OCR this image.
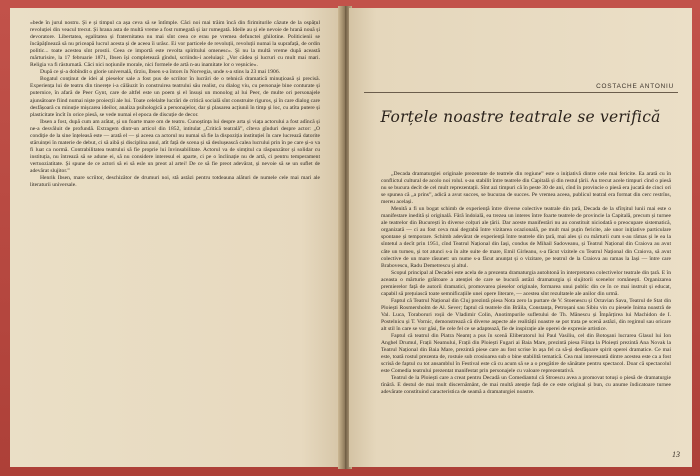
«bede în jurul nostru. Și e și timpul ca așa ceva să se întîmple. Căci noi mai trăim încă din firimiturile căzute de la ospățul revoluției din veacul trecut. Și hrana asta de multă vreme a fost rumegată și iar rumegată. Ideile au și ele nevoie de hrană nouă și devoratore. Libertatea, egalitatea și fraternitatea nu mai sînt ceea ce erau pe vremea defunctei ghilotine. Politicienii se încăpățînează să nu priceapă lucrul acesta și de aceea îi urăsc. Ei vor particele de revoluții, revoluții numai la suprafață, de ordin politic... toate acestea sînt prostii. Ceea ce importă este revolta spiritului omenesc». Și nu la multă vreme după această mărturisire, la 17 februarie 1871, Ibsen își completează gîndul, scriindu-i aceluiași: „Vor cădea și lucruri cu mult mai mari. Religia va fi răsturnată. Căci nici noțiunile morale, nici formele de artă n-au inamitate lor o veșnicie».

După ce și-a dobîndit o glorie universală, tîrziu, Ibsen s-a întors în Norvegia, unde s-a stins la 23 mai 1906.

Bogatul conținut de idei al pieselor sale a fost pus de scriitor în lucrări de o tehnică dramatică minuțioasă și precisă. Experiența lui de teatru din tinerețe i-a călăuzit în construirea teatrului său realist, cu dialog viu, cu personaje bine conturate și puternice, în afară de Peer Gynt, care de altfel este un poem și el însuși un monolog al lui Peer, de multe ori personajele ajunsătoare fiind numai niște proiecții ale lui. Toate celelalte lucrări de critică socială sînt construite riguros, și în care dialog care desfășoară cu minuție mișcarea ideilor, analiza psihologică a personajelor, dar și plasarea acțiunii în timp și loc, cu atîta putere și plasticitate încît în orice piesă, se vede numai el epoca de discuție de decor.

Ibsen a fost, după cum am arătat, și un foarte mare om de teatru. Cunoștința lui despre arta și viața actorului a fost adîncă și ne-a desvăluit de profundă. Extragem dintr-un articol din 1852, intitulat „Critică teatrală”, cîteva gînduri despre actor: „O condiție de la sine înțeleasă este — arată el — și aceea ca actorul nu numai să fie la dispoziția instituției în care lucrează datorite stăruinței în materie de debut, ci să aibă și disciplina anul, atît față de scena și să deslușească calea lucrului prin în pe care și-o va fi luat ca normă. Contrabilitatea teatrului să fie proprie lui învinsabilitate. Actorul va de simțitul ca răspunzător și solidar cu instituția, nu întrează să se adune ei, să nu considere interesul ei aparte, ci pe o înclinație nu de artă, ci pentru temperament vertuoziatitate. Și spune de ce actori să ei să esle un preot al artei! De ce să fie preot adevărat, și nevoie să se un suflet de adevărat slujitor.”

Henrik Ibsen, mare scriitor, deschizător de drumuri noi, stă astăzi pentru totdeauna alături de numele cele mai mari ale literaturii universale.

COSTACHE ANTONIU
Forțele noastre teatrale se verifică

„Decada dramaturgiei originale prezentate de teatrele din regiune” este o inițiativă dintre cele mai fericite. Ea arată cu în conflictul cultural de acolo noi rolul. s-au stabilit între teatrele din Capitală și din restul țării. Au trecut acele timpuri cînd o piesă nu se bucura decît de cel mult reprezentații. Sînt azi timpuri că în peste 30 de ani, cînd în provincie o piesă era jucată de cinci ori se spunea că „a prins”, adică a avut succes, se bucurau de succes. Pe vremea aceea, publicul teatral era format din cerc restrîns, mereu același.

Menită a fi un bogat schimb de experiență între diverse colective teatrale din țară, Decada de la sfîrșitul lunii mai este o manifestare inedită și originală. Fără îndoială, ea trezea un interes între foarte teatrele de provincie la Capitală, precum și turnee ale teatrelor din București în diverse colțuri ale țării. Dar aceste manifestări nu au constituit niciodată o preocupare sistematică, organizată — ci au fost ceva mai degrabă între vizitarea ocazională, pe mult mai puțin fericite, ale unor inițiative particulare spontane și temporare. Schimb adevărat de experiență între teatrele din țară, mai ales și cu mărturii cum s-au rămas și le ea la sîntetul a decît prin 1951, cînd Teatrul Național din Iași, condus de Mihail Sadoveanu, și Teatrul Național din Craiova au avut câte un turneu, și tot atunci s-a în alte suite de mare, Emil Girleanu, s-a făcut vizitele cu Teatrul Național din Craiova, să avut colective de un mare răsunet: un nume s-a făcut anunțat și o vizitare, pe teatrul de la Craiova au ramas la Iași — între care Brabovescu, Radu Demetrescu și altul.

Scopul principal al Decadei este acela de a prezenta dramaturgia autohtonă în interpretarea colectivelor teatrale din țară. E în aceasta o mărturie grăitoare a atenției de care se bucură astăzi dramaturgia și slujitorii scenelor românești. Organizarea premierelor față de autorii dramatici, promovarea pieselor originale, formarea unui public din ce în ce mai instruit și educat, capabil să prețuiască toate semnificațiile unei opere literare, — acestea sînt rezultatele ale anilor din urmă.

Faptul că Teatrul Național din Cluj prezintă piesa Nota zero la purtare de V. Stoenescu și Octavian Sava, Teatrul de Stat din Ploiești Rosmersholm de Al. Sever; faptul că teatrele din Brăila, Constanța, Petroșani sau Sibiu vin cu piesele Inima noastră de Val. Luca, Toraboruri roșii de Vladimir Colin, Anotimpurile sufletului de Th. Mănescu și Împărțirea lui Machidon de I. Postelnicu și T. Vornic, demonstrează că diverse aspecte ale realității noastre se pot trata pe scenă astăzi, din regimul sau oricare alt stil în care se vor găsi, fie cele fel ce se adaptează, fie de inspirație ale operei de expresie artistice.

Faptul că teatrul din Piatra Neamț a pus în scenă Eliberatorul lui Paul Vasiliu, cel din Botoșani lucrarea Glasul lui Ion Anghel Drumul, Frații Neamului, Frații din Ploiești Fugari ai Baia Mare, prezintă piesa Ființa la Ploiești prezintă Ana Novak la Teatrul Național din Baia Mare, prezintă piese care au fost scrise în așa fel ca să-și desfășoare spirit operei dramatice. Ce mai este, toată rostul prezenta de, rostuie sub crosioarea sub o bine stabilită tematică. Cea mai interesantă dintre acestea este ca a fost scrisă de faptul cu tot ansamblul în Festival este că cu acum să se a o pregătire de sănătate pentru spectacol. Doar că spectacolul este Comedia teatrului prezentat manifestat prin personajele cu valoare reprezentativă.

Teatrul de la Ploiești care a creat pentru Decadă un Comediantul că Stroescu avea a promovat totuși o piesă de dramaturgie tînără. E destul de mai mult discernământ, de mai multă atenție față de ce este original și bun, cu anume îndicatoare turnee adevărate constituind caracteristica de seamă a dramaturgiei noastre.

13
